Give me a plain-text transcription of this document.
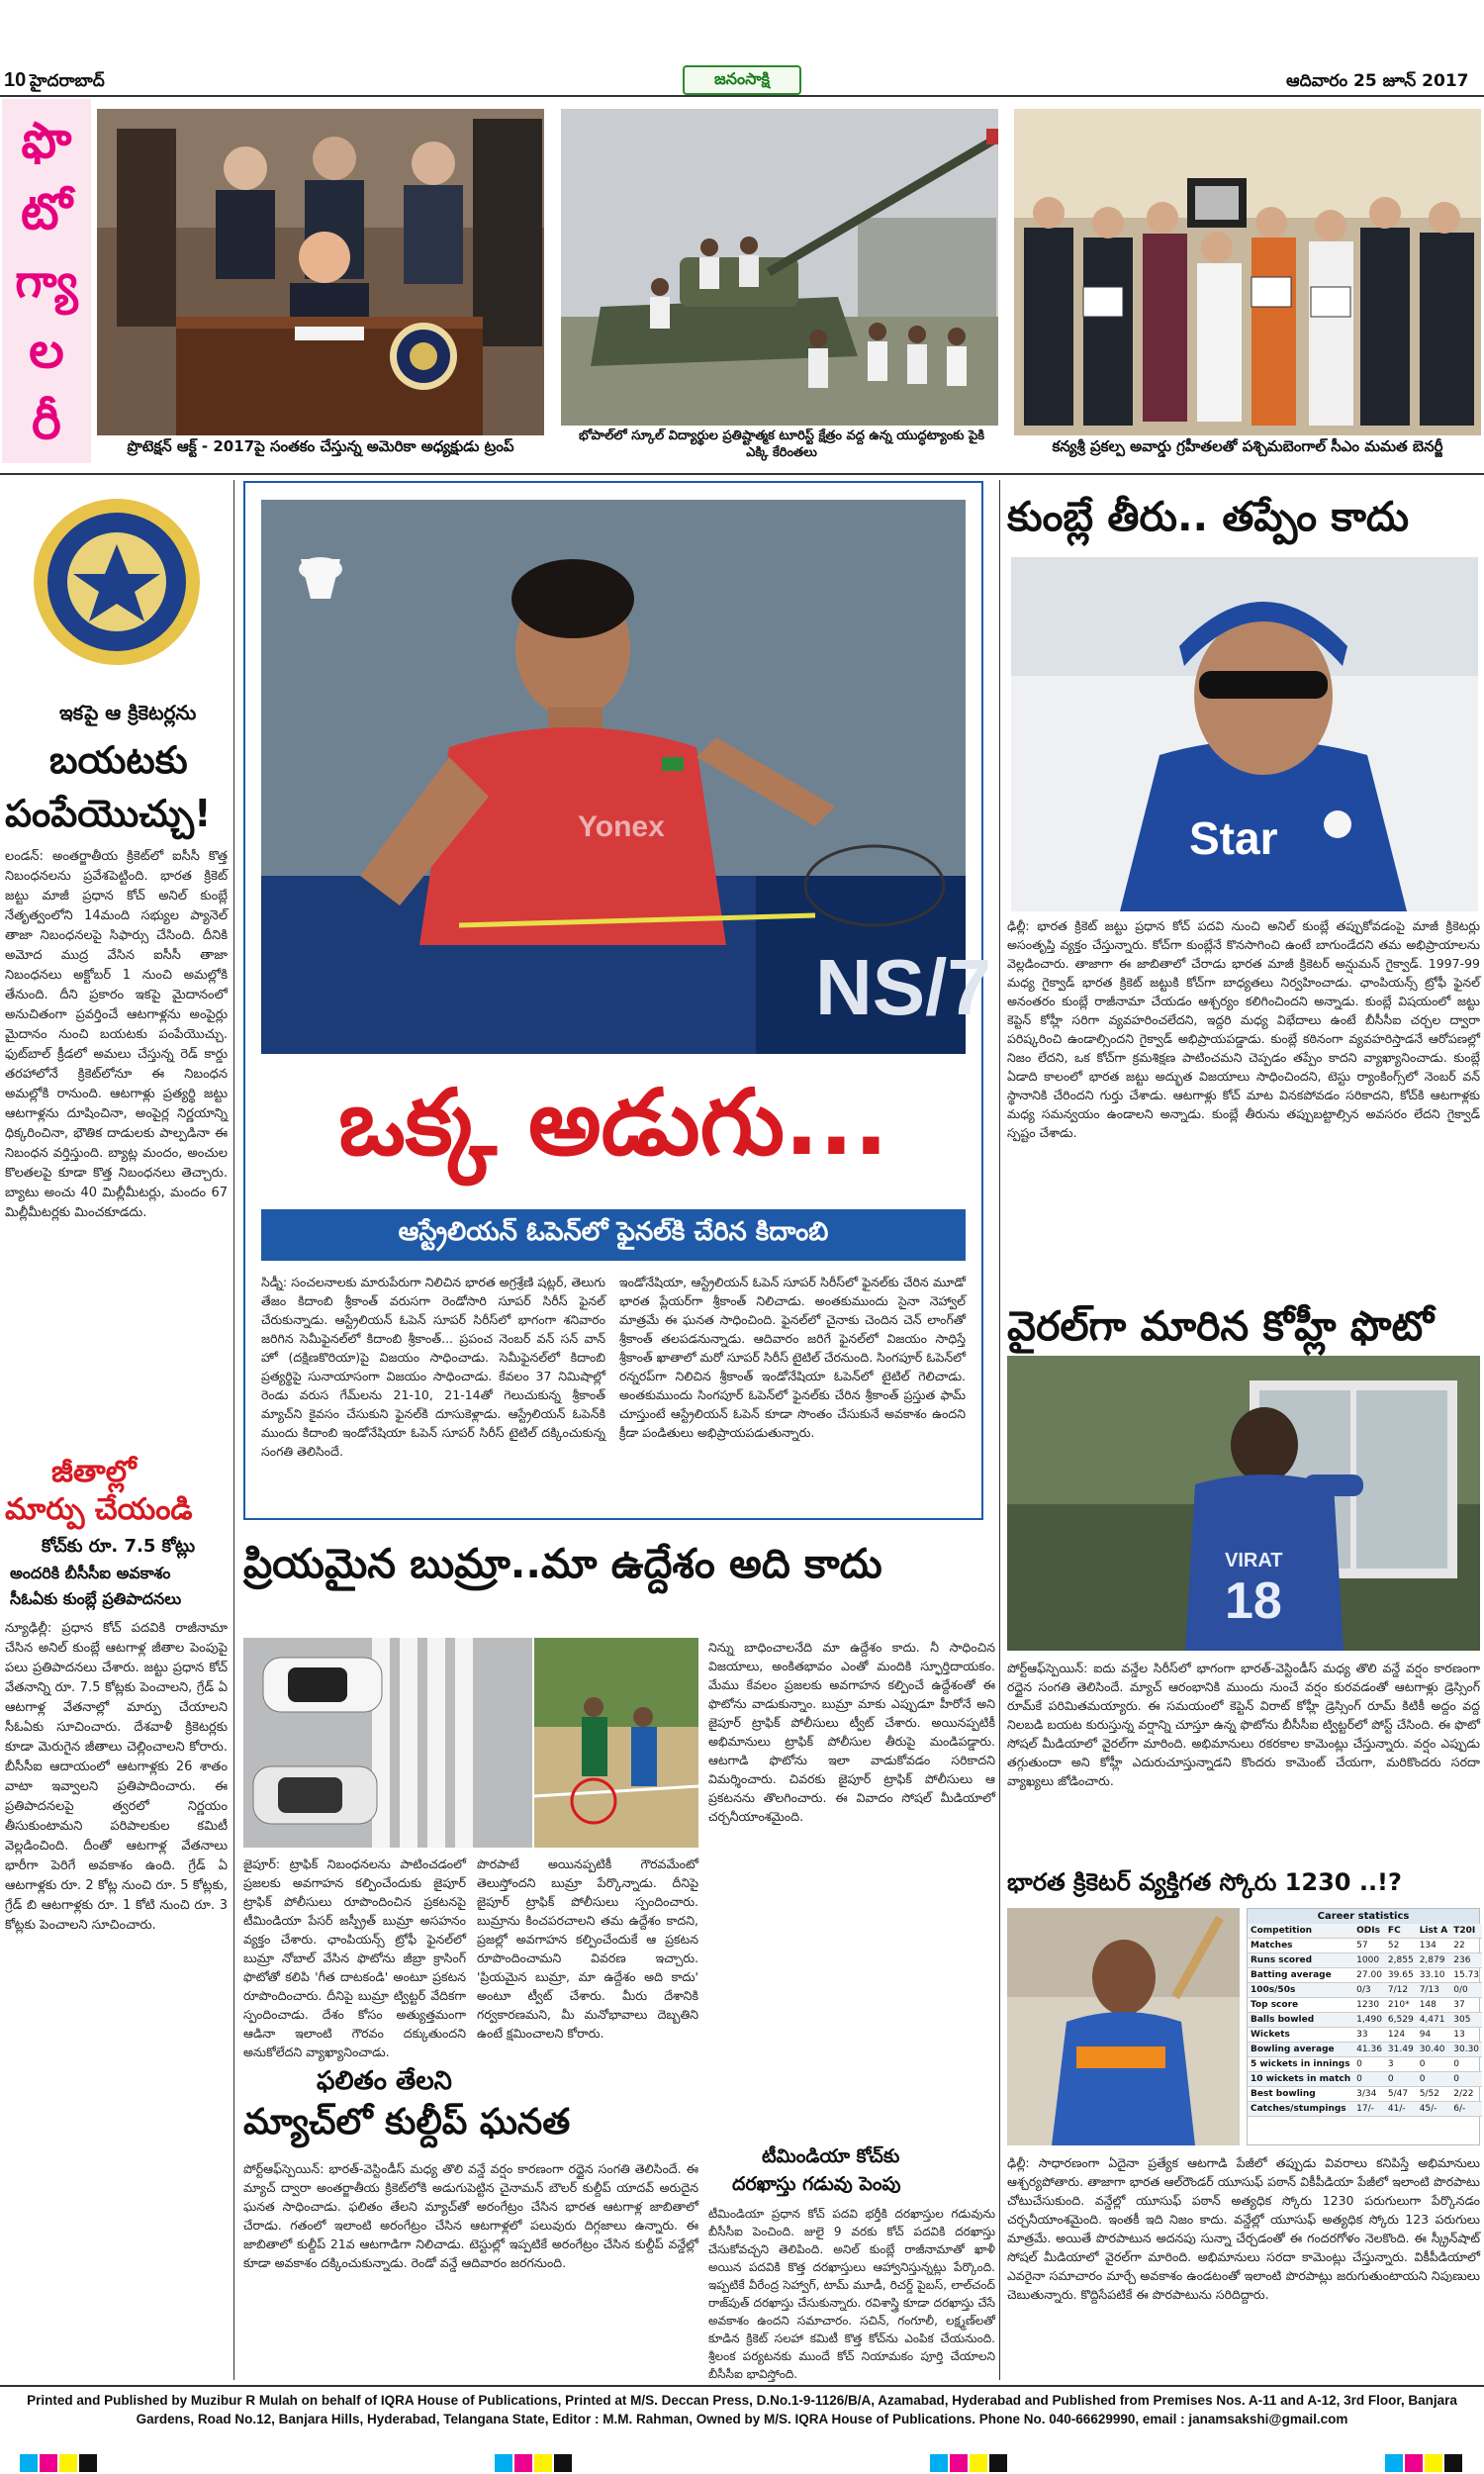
10 హైదరాబాద్	జనంసాక్షి	ఆదివారం 25 జూన్ 2017
ఫొ
టో
గ్యా
ల
రీ	ప్రొటెక్షన్ ఆక్ట్ - 2017పై సంతకం చేస్తున్న అమెరికా అధ్యక్షుడు ట్రంప్
భోపాల్‌లో స్కూల్ విద్యార్థుల ప్రతిష్టాత్మక టూరిస్ట్ క్షేత్రం వద్ద ఉన్న యుద్ధట్యాంకు పైకి ఎక్కి కేరింతలు	కన్యశ్రీ ప్రకల్ప అవార్డు గ్రహీతలతో పశ్చిమబెంగాల్ సీఎం మమత బెనర్జీ
ఇకపై ఆ క్రికెటర్లను
బయటకు
పంపేయొచ్చు!
లండన్: అంతర్జాతీయ క్రికెట్‌లో ఐసీసీ కొత్త నిబంధనలను ప్రవేశపెట్టింది. భారత క్రికెట్ జట్టు మాజీ ప్రధాన కోచ్ అనిల్ కుంబ్లే నేతృత్వంలోని 14మంది సభ్యుల ప్యానెల్ తాజా నిబంధనలపై సిఫార్సు చేసింది. దీనికి అమోద ముద్ర వేసిన ఐసీసీ తాజా నిబంధనలు అక్టోబర్ 1 నుంచి అమల్లోకి తేనుంది. దీని ప్రకారం ఇకపై మైదానంలో అనుచితంగా ప్రవర్తించే ఆటగాళ్లను అంపైర్లు మైదానం నుంచి బయటకు పంపేయొచ్చు. ఫుట్‌బాల్ క్రీడలో అమలు చేస్తున్న రెడ్ కార్డు తరహాలోనే క్రికెట్‌లోనూ ఈ నిబంధన అమల్లోకి రానుంది. ఆటగాళ్లు ప్రత్యర్థి జట్టు ఆటగాళ్లను దూషించినా, అంపైర్ల నిర్ణయాన్ని ధిక్కరించినా, భౌతిక దాడులకు పాల్పడినా ఈ నిబంధన వర్తిస్తుంది. బ్యాట్ల మందం, అంచుల కొలతలపై కూడా కొత్త నిబంధనలు తెచ్చారు. బ్యాటు అంచు 40 మిల్లీమీటర్లు, మందం 67 మిల్లీమీటర్లకు మించకూడదు.
జీతాల్లో
మార్పు చేయండి
కోచ్‌కు రూ. 7.5 కోట్లు
అందరికి బీసీసీఐ అవకాశం
సీఓఏకు కుంబ్లే ప్రతిపాదనలు
న్యూఢిల్లీ: ప్రధాన కోచ్ పదవికి రాజీనామా చేసిన అనిల్ కుంబ్లే ఆటగాళ్ల జీతాల పెంపుపై పలు ప్రతిపాదనలు చేశారు. జట్టు ప్రధాన కోచ్ వేతనాన్ని రూ. 7.5 కోట్లకు పెంచాలని, గ్రేడ్ ఏ ఆటగాళ్ల వేతనాల్లో మార్పు చేయాలని సీఓఏకు సూచించారు. దేశవాళీ క్రికెటర్లకు కూడా మెరుగైన జీతాలు చెల్లించాలని కోరారు. బీసీసీఐ ఆదాయంలో ఆటగాళ్లకు 26 శాతం వాటా ఇవ్వాలని ప్రతిపాదించారు. ఈ ప్రతిపాదనలపై త్వరలో నిర్ణయం తీసుకుంటామని పరిపాలకుల కమిటీ వెల్లడించింది. దీంతో ఆటగాళ్ల వేతనాలు భారీగా పెరిగే అవకాశం ఉంది. గ్రేడ్ ఏ ఆటగాళ్లకు రూ. 2 కోట్ల నుంచి రూ. 5 కోట్లకు, గ్రేడ్ బి ఆటగాళ్లకు రూ. 1 కోటి నుంచి రూ. 3 కోట్లకు పెంచాలని సూచించారు.
NS/7
Yonex
ఒక్క అడుగు...
ఆస్ట్రేలియన్ ఓపెన్‌లో ఫైనల్‌కి చేరిన కిదాంబి
సిడ్నీ: సంచలనాలకు మారుపేరుగా నిలిచిన భారత అగ్రశ్రేణి షట్లర్, తెలుగు తేజం కిదాంబి శ్రీకాంత్ వరుసగా రెండోసారి సూపర్ సిరీస్ ఫైనల్ చేరుకున్నాడు. ఆస్ట్రేలియన్ ఓపెన్ సూపర్ సిరీస్‌లో భాగంగా శనివారం జరిగిన సెమీఫైనల్‌లో కిదాంబి శ్రీకాంత్... ప్రపంచ నెంబర్ వన్ సన్ వాన్ హో (దక్షిణకొరియా)పై విజయం సాధించాడు. సెమీఫైనల్‌లో కిదాంబి ప్రత్యర్థిపై సునాయాసంగా విజయం సాధించాడు. కేవలం 37 నిమిషాల్లో రెండు వరుస గేమ్‌లను 21-10, 21-14తో గెలుచుకున్న శ్రీకాంత్ మ్యాచ్‌ని కైవసం చేసుకుని ఫైనల్‌కి దూసుకెళ్లాడు. ఆస్ట్రేలియన్ ఓపెన్‌కి ముందు కిదాంబి ఇండోనేషియా ఓపెన్ సూపర్ సిరీస్ టైటిల్ దక్కించుకున్న సంగతి తెలిసిందే.
ఇండోనేషియా, ఆస్ట్రేలియన్ ఓపెన్ సూపర్ సిరీస్‌లో ఫైనల్‌కు చేరిన మూడో భారత ప్లేయర్‌గా శ్రీకాంత్ నిలిచాడు. అంతకుముందు సైనా నెహ్వాల్ మాత్రమే ఈ ఘనత సాధించింది. ఫైనల్‌లో చైనాకు చెందిన చెన్ లాంగ్‌తో శ్రీకాంత్ తలపడనున్నాడు. ఆదివారం జరిగే ఫైనల్‌లో విజయం సాధిస్తే శ్రీకాంత్ ఖాతాలో మరో సూపర్ సిరీస్ టైటిల్ చేరనుంది. సింగపూర్ ఓపెన్‌లో రన్నరప్‌గా నిలిచిన శ్రీకాంత్ ఇండోనేషియా ఓపెన్‌లో టైటిల్ గెలిచాడు. అంతకుముందు సింగపూర్ ఓపెన్‌లో ఫైనల్‌కు చేరిన శ్రీకాంత్ ప్రస్తుత ఫామ్ చూస్తుంటే ఆస్ట్రేలియన్ ఓపెన్ కూడా సొంతం చేసుకునే అవకాశం ఉందని క్రీడా పండితులు అభిప్రాయపడుతున్నారు.
ప్రియమైన బుమ్రా..మా ఉద్దేశం అది కాదు
నిన్ను బాధించాలనేది మా ఉద్దేశం కాదు. నీ సాధించిన విజయాలు, అంకితభావం ఎంతో మందికి స్ఫూర్తిదాయకం. మేము కేవలం ప్రజలకు అవగాహన కల్పించే ఉద్దేశంతో ఈ ఫొటోను వాడుకున్నాం. బుమ్రా మాకు ఎప్పుడూ హీరోనే అని జైపూర్ ట్రాఫిక్ పోలీసులు ట్వీట్ చేశారు. అయినప్పటికీ అభిమానులు ట్రాఫిక్ పోలీసుల తీరుపై మండిపడ్డారు. ఆటగాడి ఫొటోను ఇలా వాడుకోవడం సరికాదని విమర్శించారు. చివరకు జైపూర్ ట్రాఫిక్ పోలీసులు ఆ ప్రకటనను తొలగించారు. ఈ వివాదం సోషల్ మీడియాలో చర్చనీయాంశమైంది.
జైపూర్: ట్రాఫిక్ నిబంధనలను పాటించడంలో ప్రజలకు అవగాహన కల్పించేందుకు జైపూర్ ట్రాఫిక్ పోలీసులు రూపొందించిన ప్రకటనపై టీమిండియా పేసర్ జస్ప్రీత్ బుమ్రా అసహనం వ్యక్తం చేశారు. ఛాంపియన్స్ ట్రోఫీ ఫైనల్‌లో బుమ్రా నోబాల్ వేసిన ఫొటోను జీబ్రా క్రాసింగ్ ఫొటోతో కలిపి 'గీత దాటకండి' అంటూ ప్రకటన రూపొందించారు. దీనిపై బుమ్రా ట్విట్టర్ వేదికగా స్పందించాడు. దేశం కోసం అత్యుత్తమంగా ఆడినా ఇలాంటి గౌరవం దక్కుతుందని అనుకోలేదని వ్యాఖ్యానించాడు.
పొరపాటే అయినప్పటికీ గౌరవమేంటో తెలుస్తోందని బుమ్రా పేర్కొన్నాడు. దీనిపై జైపూర్ ట్రాఫిక్ పోలీసులు స్పందించారు. బుమ్రాను కించపరచాలని తమ ఉద్దేశం కాదని, ప్రజల్లో అవగాహన కల్పించేందుకే ఆ ప్రకటన రూపొందించామని వివరణ ఇచ్చారు. 'ప్రియమైన బుమ్రా, మా ఉద్దేశం అది కాదు' అంటూ ట్వీట్ చేశారు. మీరు దేశానికి గర్వకారణమని, మీ మనోభావాలు దెబ్బతిని ఉంటే క్షమించాలని కోరారు.
ఫలితం తేలని
మ్యాచ్‌లో కుల్దీప్ ఘనత
పోర్ట్‌ఆఫ్‌స్పెయిన్: భారత్-వెస్టిండీస్ మధ్య తొలి వన్డే వర్షం కారణంగా రద్దైన సంగతి తెలిసిందే. ఈ మ్యాచ్ ద్వారా అంతర్జాతీయ క్రికెట్‌లోకి అడుగుపెట్టిన చైనామన్ బౌలర్ కుల్దీప్ యాదవ్ అరుదైన ఘనత సాధించాడు. ఫలితం తేలని మ్యాచ్‌తో అరంగేట్రం చేసిన భారత ఆటగాళ్ల జాబితాలో చేరాడు. గతంలో ఇలాంటి అరంగేట్రం చేసిన ఆటగాళ్లలో పలువురు దిగ్గజాలు ఉన్నారు. ఈ జాబితాలో కుల్దీప్ 21వ ఆటగాడిగా నిలిచాడు. టెస్టుల్లో ఇప్పటికే అరంగేట్రం చేసిన కుల్దీప్ వన్డేల్లో కూడా అవకాశం దక్కించుకున్నాడు. రెండో వన్డే ఆదివారం జరగనుంది.
టీమిండియా కోచ్‌కు
దరఖాస్తు గడువు పెంపు
టీమిండియా ప్రధాన కోచ్ పదవి భర్తీకి దరఖాస్తుల గడువును బీసీసీఐ పెంచింది. జులై 9 వరకు కోచ్ పదవికి దరఖాస్తు చేసుకోవచ్చని తెలిపింది. అనిల్ కుంబ్లే రాజీనామాతో ఖాళీ అయిన పదవికి కొత్త దరఖాస్తులు ఆహ్వానిస్తున్నట్లు పేర్కొంది. ఇప్పటికే వీరేంద్ర సెహ్వాగ్, టామ్ మూడీ, రిచర్డ్ పైబస్, లాల్‌చంద్ రాజ్‌పుత్ దరఖాస్తు చేసుకున్నారు. రవిశాస్త్రి కూడా దరఖాస్తు చేసే అవకాశం ఉందని సమాచారం. సచిన్, గంగూలీ, లక్ష్మణ్‌లతో కూడిన క్రికెట్ సలహా కమిటీ కొత్త కోచ్‌ను ఎంపిక చేయనుంది. శ్రీలంక పర్యటనకు ముందే కోచ్ నియామకం పూర్తి చేయాలని బీసీసీఐ భావిస్తోంది.
కుంబ్లే తీరు.. తప్పేం కాదు
Star
ఢిల్లీ: భారత క్రికెట్ జట్టు ప్రధాన కోచ్ పదవి నుంచి అనిల్ కుంబ్లే తప్పుకోవడంపై మాజీ క్రికెటర్లు అసంతృప్తి వ్యక్తం చేస్తున్నారు. కోచ్‌గా కుంబ్లేనే కొనసాగించి ఉంటే బాగుండేదని తమ అభిప్రాయాలను వెల్లడించారు. తాజాగా ఈ జాబితాలో చేరాడు భారత మాజీ క్రికెటర్ అన్షుమన్ గైక్వాడ్. 1997-99 మధ్య గైక్వాడ్ భారత క్రికెట్ జట్టుకి కోచ్‌గా బాధ్యతలు నిర్వహించాడు. ఛాంపియన్స్ ట్రోఫీ ఫైనల్ అనంతరం కుంబ్లే రాజీనామా చేయడం ఆశ్చర్యం కలిగించిందని అన్నాడు. కుంబ్లే విషయంలో జట్టు కెప్టెన్ కోహ్లీ సరిగా వ్యవహరించలేదని, ఇద్దరి మధ్య విభేదాలు ఉంటే బీసీసీఐ చర్చల ద్వారా పరిష్కరించి ఉండాల్సిందని గైక్వాడ్ అభిప్రాయపడ్డాడు. కుంబ్లే కఠినంగా వ్యవహరిస్తాడనే ఆరోపణల్లో నిజం లేదని, ఒక కోచ్‌గా క్రమశిక్షణ పాటించమని చెప్పడం తప్పేం కాదని వ్యాఖ్యానించాడు. కుంబ్లే ఏడాది కాలంలో భారత జట్టు అద్భుత విజయాలు సాధించిందని, టెస్టు ర్యాంకింగ్స్‌లో నెంబర్ వన్ స్థానానికి చేరిందని గుర్తు చేశాడు. ఆటగాళ్లు కోచ్ మాట వినకపోవడం సరికాదని, కోచ్‌కి ఆటగాళ్లకు మధ్య సమన్వయం ఉండాలని అన్నాడు. కుంబ్లే తీరును తప్పుబట్టాల్సిన అవసరం లేదని గైక్వాడ్ స్పష్టం చేశాడు.
వైరల్‌గా మారిన కోహ్లీ ఫొటో
VIRAT
18
పోర్ట్‌ఆఫ్‌స్పెయిన్: ఐదు వన్డేల సిరీస్‌లో భాగంగా భారత్-వెస్టిండీస్ మధ్య తొలి వన్డే వర్షం కారణంగా రద్దైన సంగతి తెలిసిందే. మ్యాచ్ ఆరంభానికి ముందు నుంచే వర్షం కురవడంతో ఆటగాళ్లు డ్రెస్సింగ్ రూమ్‌కే పరిమితమయ్యారు. ఈ సమయంలో కెప్టెన్ విరాట్ కోహ్లీ డ్రెస్సింగ్ రూమ్ కిటికీ అద్దం వద్ద నిలబడి బయట కురుస్తున్న వర్షాన్ని చూస్తూ ఉన్న ఫొటోను బీసీసీఐ ట్విట్టర్‌లో పోస్ట్ చేసింది. ఈ ఫొటో సోషల్ మీడియాలో వైరల్‌గా మారింది. అభిమానులు రకరకాల కామెంట్లు చేస్తున్నారు. వర్షం ఎప్పుడు తగ్గుతుందా అని కోహ్లీ ఎదురుచూస్తున్నాడని కొందరు కామెంట్ చేయగా, మరికొందరు సరదా వ్యాఖ్యలు జోడించారు.
భారత క్రికెటర్ వ్యక్తిగత స్కోరు 1230 ..!?
Career statistics
Competition	ODIs	FC	List A	T20I
Matches	57	52	134	22
Runs scored	1000	2,855	2,879	236
Batting average	27.00	39.65	33.10	15.73
100s/50s	0/3	7/12	7/13	0/0
Top score	1230	210*	148	37
Balls bowled	1,490	6,529	4,471	305
Wickets	33	124	94	13
Bowling average	41.36	31.49	30.40	30.30
5 wickets in innings	0	3	0	0
10 wickets in match	0	0	0	0
Best bowling	3/34	5/47	5/52	2/22
Catches/stumpings	17/-	41/-	45/-	6/-
ఢిల్లీ: సాధారణంగా ఏదైనా ప్రత్యేక ఆటగాడి పేజీలో తప్పుడు వివరాలు కనిపిస్తే అభిమానులు ఆశ్చర్యపోతారు. తాజాగా భారత ఆల్‌రౌండర్ యూసుఫ్ పఠాన్ వికీపీడియా పేజీలో ఇలాంటి పొరపాటు చోటుచేసుకుంది. వన్డేల్లో యూసుఫ్ పఠాన్ అత్యధిక స్కోరు 1230 పరుగులుగా పేర్కొనడం చర్చనీయాంశమైంది. ఇంతకీ ఇది నిజం కాదు. వన్డేల్లో యూసుఫ్ అత్యధిక స్కోరు 123 పరుగులు మాత్రమే. అయితే పొరపాటున అదనపు సున్నా చేర్చడంతో ఈ గందరగోళం నెలకొంది. ఈ స్క్రీన్‌షాట్ సోషల్ మీడియాలో వైరల్‌గా మారింది. అభిమానులు సరదా కామెంట్లు చేస్తున్నారు. వికీపీడియాలో ఎవరైనా సమాచారం మార్చే అవకాశం ఉండటంతో ఇలాంటి పొరపాట్లు జరుగుతుంటాయని నిపుణులు చెబుతున్నారు. కొద్దిసేపటికే ఈ పొరపాటును సరిదిద్దారు.
Printed and Published by Muzibur R Mulah on behalf of IQRA House of Publications, Printed at M/S. Deccan Press, D.No.1-9-1126/B/A, Azamabad, Hyderabad and Published from Premises Nos. A-11 and A-12, 3rd Floor, Banjara Gardens, Road No.12, Banjara Hills, Hyderabad, Telangana State, Editor : M.M. Rahman, Owned by M/S. IQRA House of Publications. Phone No. 040-66629990, email : janamsakshi@gmail.com
